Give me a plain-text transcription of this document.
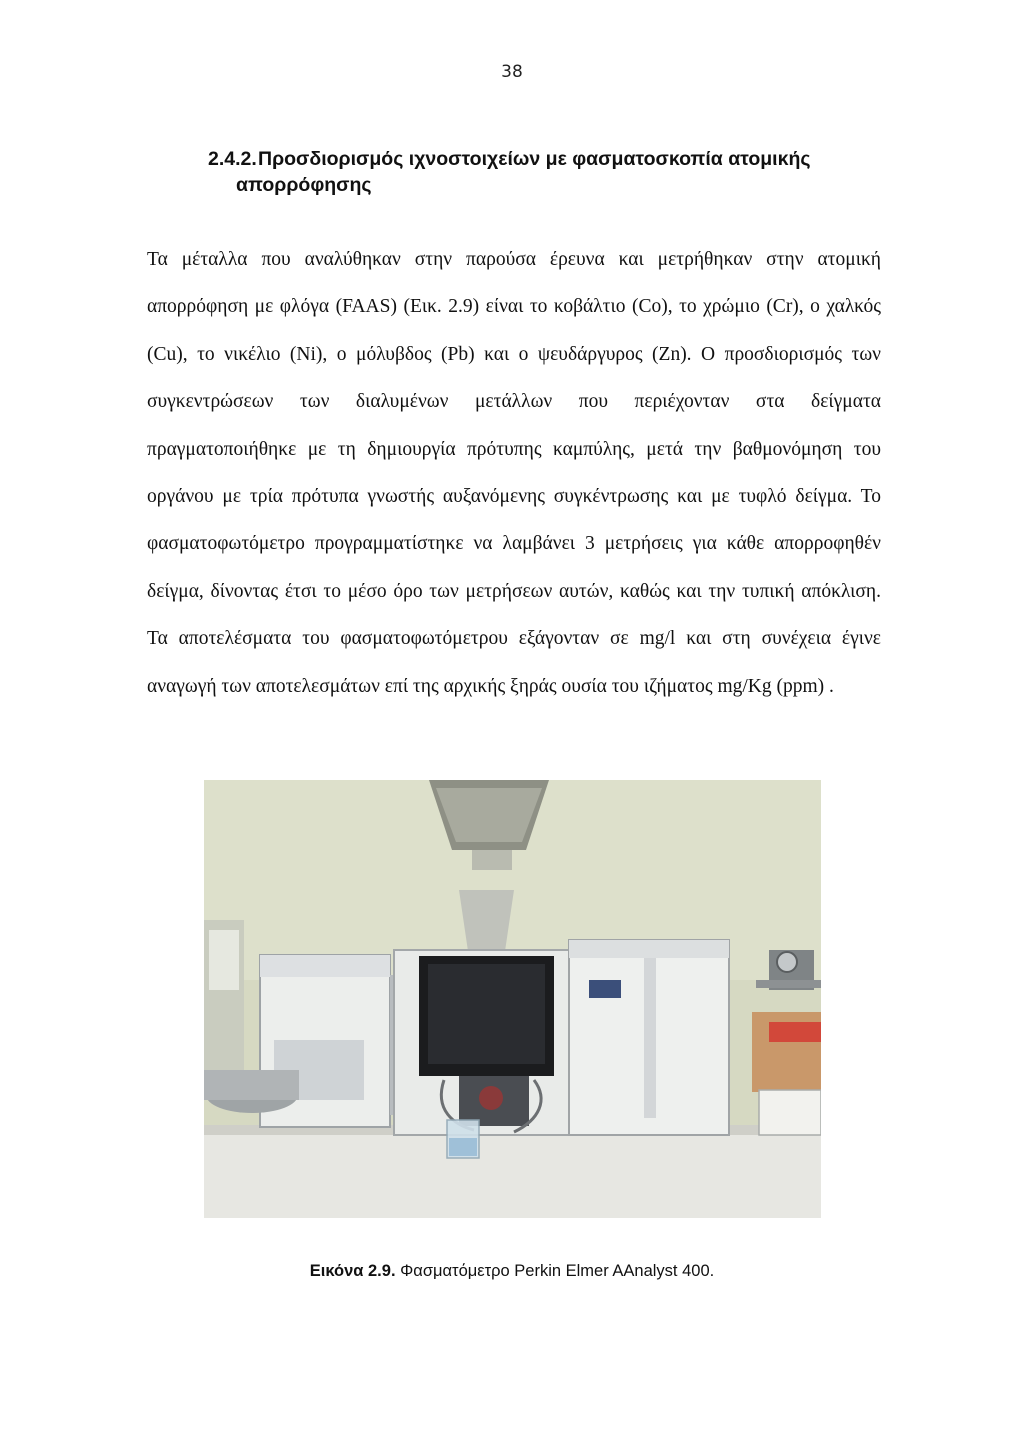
38
2.4.2.Προσδιορισμός ιχνοστοιχείων με φασματοσκοπία ατομικής
απορρόφησης

Τα μέταλλα που αναλύθηκαν στην παρούσα έρευνα και μετρήθηκαν στην ατομική απορρόφηση με φλόγα (FAAS) (Εικ. 2.9) είναι το κοβάλτιο (Co), το χρώμιο (Cr), ο χαλκός (Cu), το νικέλιο (Ni), ο μόλυβδος (Pb) και ο ψευδάργυρος (Zn). Ο προσδιορισμός των συγκεντρώσεων των διαλυμένων μετάλλων που περιέχονταν στα δείγματα πραγματοποιήθηκε με τη δημιουργία πρότυπης καμπύλης, μετά την βαθμονόμηση του οργάνου με τρία πρότυπα γνωστής αυξανόμενης συγκέντρωσης και με τυφλό δείγμα. Το φασματοφωτόμετρο προγραμματίστηκε να λαμβάνει 3 μετρήσεις για κάθε απορροφηθέν δείγμα, δίνοντας έτσι το μέσο όρο των μετρήσεων αυτών, καθώς και την τυπική απόκλιση. Τα αποτελέσματα του φασματοφωτόμετρου εξάγονταν σε mg/l και στη συνέχεια έγινε αναγωγή των αποτελεσμάτων επί της αρχικής ξηράς ουσία του ιζήματος mg/Kg (ppm) .

Εικόνα 2.9. Φασματόμετρο Perkin Elmer AAnalyst 400.
